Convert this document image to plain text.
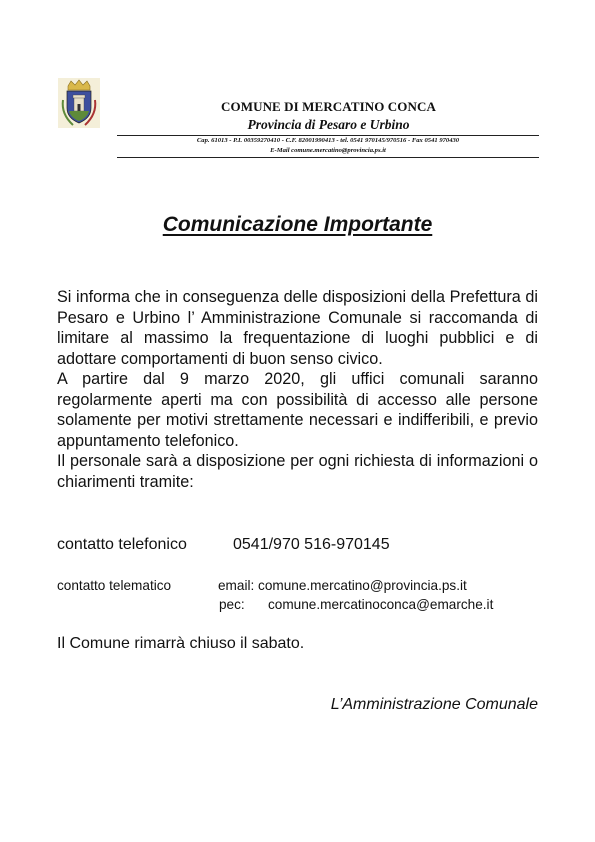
COMUNE DI MERCATINO CONCA
Provincia di Pesaro e Urbino
Cap. 61013 - P.I. 00359270410 - C.F. 82001990413 - tel. 0541 970145/970516 - Fax 0541 970430
E-Mail comune.mercatino@provincia.ps.it
Comunicazione Importante

Si informa che in conseguenza delle disposizioni della Prefettura di Pesaro e Urbino l’ Amministrazione Comunale si raccomanda di limitare al massimo la frequentazione di luoghi pubblici e di adottare comportamenti di buon senso civico.

A partire dal 9 marzo 2020, gli uffici comunali saranno regolarmente aperti ma con possibilità di accesso alle persone solamente per motivi strettamente necessari e indifferibili, e previo appuntamento telefonico.

Il personale sarà a disposizione per ogni richiesta di informazioni o chiarimenti tramite:

contatto telefonico	0541/970 516-970145
contatto telematico	email: comune.mercatino@provincia.ps.it
pec: comune.mercatinoconca@emarche.it
Il Comune rimarrà chiuso il sabato.
L’Amministrazione Comunale
